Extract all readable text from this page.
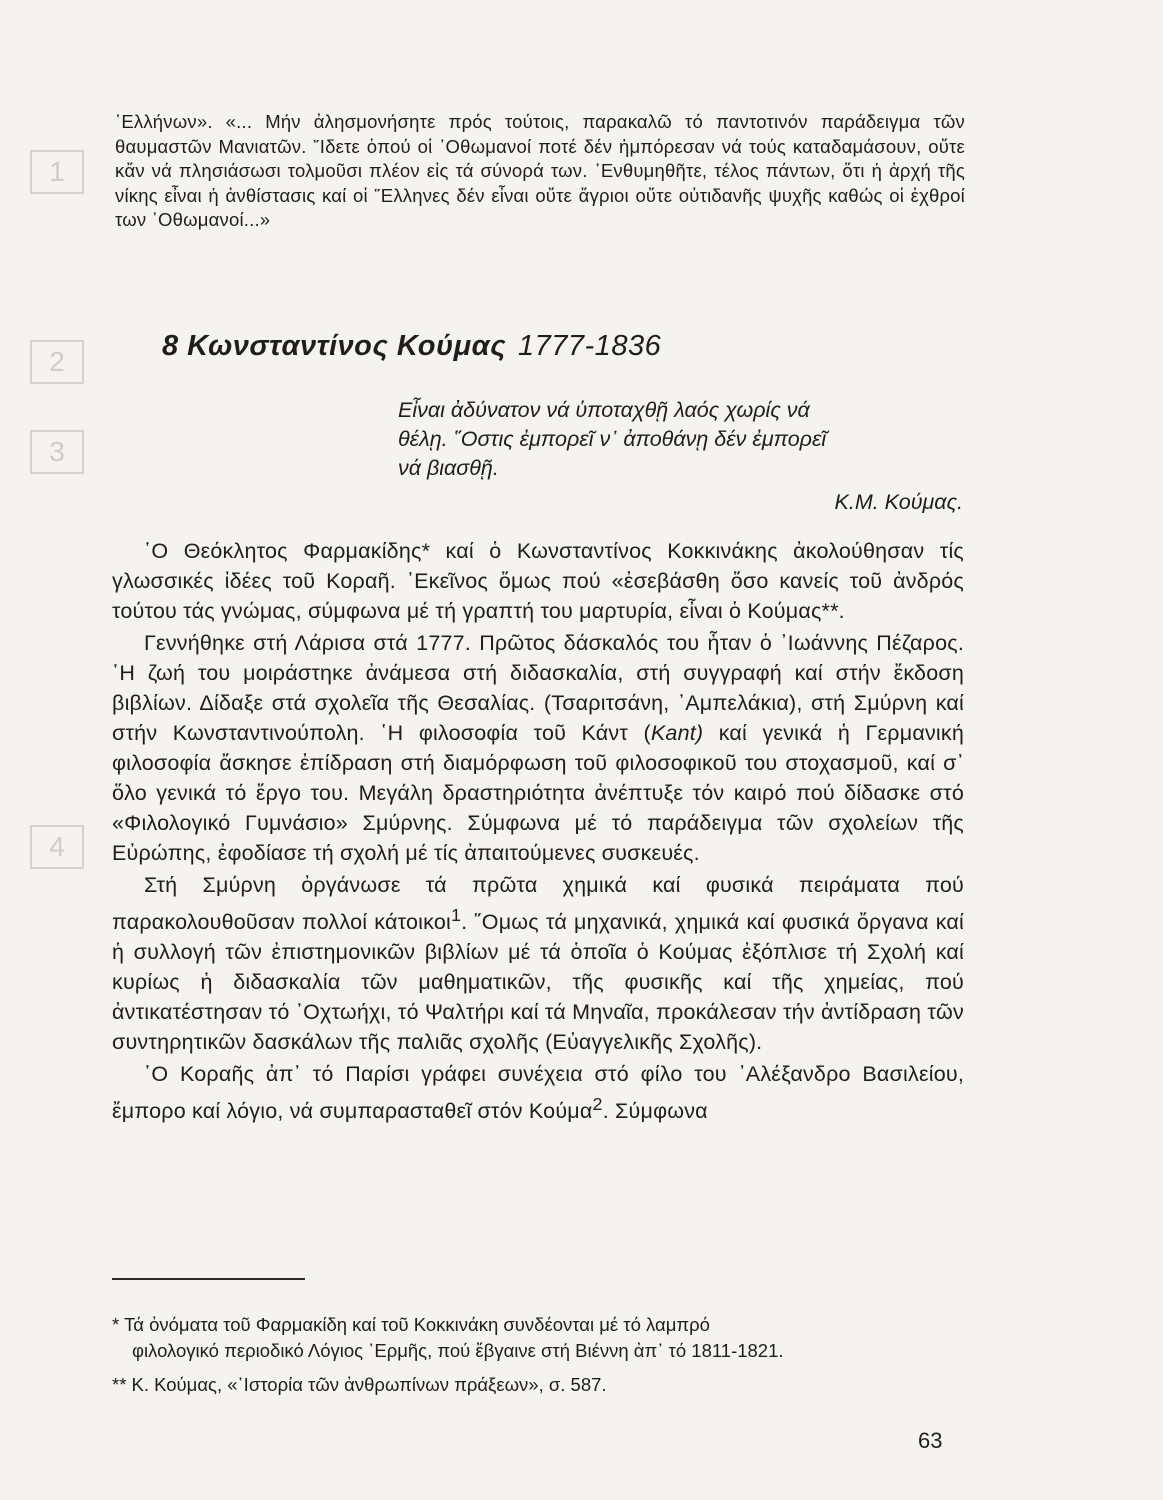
1
2
3
4

῾Ελλήνων». «... Μήν ἀλησμονήσητε πρός τούτοις, παρακαλῶ τό παντοτινόν παράδειγμα τῶν θαυμαστῶν Μανιατῶν. ῎Ιδετε ὁπού οἱ ᾿Οθωμανοί ποτέ δέν ἠμπόρεσαν νά τούς καταδαμάσουν, οὔτε κἄν νά πλησιάσωσι τολμοῦσι πλέον εἰς τά σύνορά των. ᾿Ενθυμηθῆτε, τέλος πάντων, ὅτι ἡ ἀρχή τῆς νίκης εἶναι ἡ ἀνθίστασις καί οἱ ῞Ελληνες δέν εἶναι οὔτε ἄγριοι οὔτε οὐτιδανῆς ψυχῆς καθώς οἱ ἐχθροί των ᾿Οθωμανοί...»

8 Κωνσταντίνος Κούμας 1777-1836
Εἶναι ἀδύνατον νά ὑποταχθῇ λαός χωρίς νά
θέλῃ. ῞Οστις ἐμπορεῖ ν᾿ ἀποθάνῃ δέν ἐμπορεῖ
νά βιασθῇ.
Κ.Μ. Κούμας.

῾Ο Θεόκλητος Φαρμακίδης* καί ὁ Κωνσταντίνος Κοκκινάκης ἀκολούθησαν τίς γλωσσικές ἰδέες τοῦ Κοραῆ. ᾿Εκεῖνος ὅμως πού «ἐσεβάσθη ὅσο κανείς τοῦ ἀνδρός τούτου τάς γνώμας, σύμφωνα μέ τή γραπτή του μαρτυρία, εἶναι ὁ Κούμας**.

Γεννήθηκε στή Λάρισα στά 1777. Πρῶτος δάσκαλός του ἦταν ὁ ᾿Ιωάννης Πέζαρος. ῾Η ζωή του μοιράστηκε ἀνάμεσα στή διδασκαλία, στή συγγραφή καί στήν ἔκδοση βιβλίων. Δίδαξε στά σχολεῖα τῆς Θεσαλίας. (Τσαριτσάνη, ᾿Αμπελάκια), στή Σμύρνη καί στήν Κωνσταντινούπολη. ῾Η φιλοσοφία τοῦ Κάντ (Kant) καί γενικά ἡ Γερμανική φιλοσοφία ἄσκησε ἐπίδραση στή διαμόρφωση τοῦ φιλοσοφικοῦ του στοχασμοῦ, καί σ᾿ ὅλο γενικά τό ἔργο του. Μεγάλη δραστηριότητα ἀνέπτυξε τόν καιρό πού δίδασκε στό «Φιλολογικό Γυμνάσιο» Σμύρνης. Σύμφωνα μέ τό παράδειγμα τῶν σχολείων τῆς Εὐρώπης, ἐφοδίασε τή σχολή μέ τίς ἀπαιτούμενες συσκευές.

Στή Σμύρνη ὀργάνωσε τά πρῶτα χημικά καί φυσικά πειράματα πού παρακολουθοῦσαν πολλοί κάτοικοι$^1$. ῞Ομως τά μηχανικά, χημικά καί φυσικά ὄργανα καί ἡ συλλογή τῶν ἐπιστημονικῶν βιβλίων μέ τά ὁποῖα ὁ Κούμας ἐξόπλισε τή Σχολή καί κυρίως ἡ διδασκαλία τῶν μαθηματικῶν, τῆς φυσικῆς καί τῆς χημείας, πού ἀντικατέστησαν τό ᾿Οχτωήχι, τό Ψαλτήρι καί τά Μηναῖα, προκάλεσαν τήν ἀντίδραση τῶν συντηρητικῶν δασκάλων τῆς παλιᾶς σχολῆς (Εὐαγγελικῆς Σχολῆς).

῾Ο Κοραῆς ἀπ᾿ τό Παρίσι γράφει συνέχεια στό φίλο του ᾿Αλέξανδρο Βασιλείου, ἔμπορο καί λόγιο, νά συμπαρασταθεῖ στόν Κούμα$^2$. Σύμφωνα

* Τά ὀνόματα τοῦ Φαρμακίδη καί τοῦ Κοκκινάκη συνδέονται μέ τό λαμπρό

φιλολογικό περιοδικό Λόγιος ῾Ερμῆς, πού ἔβγαινε στή Βιέννη ἀπ᾿ τό 1811-1821.

** Κ. Κούμας, «῾Ιστορία τῶν ἀνθρωπίνων πράξεων», σ. 587.

63
